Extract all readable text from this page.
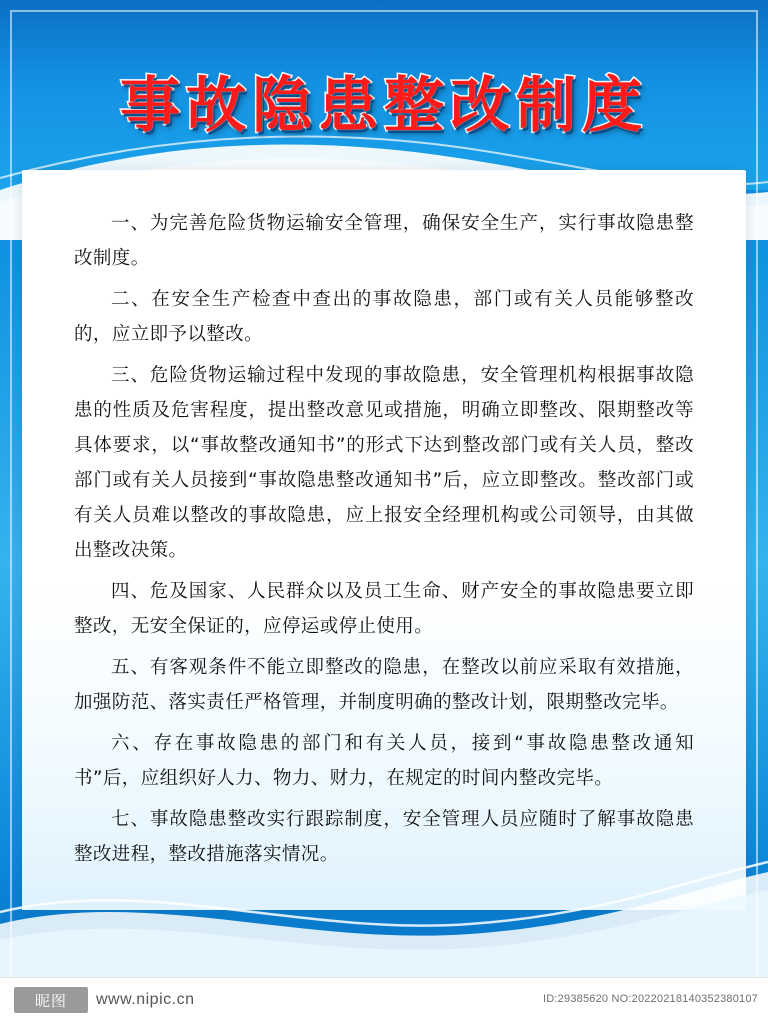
事故隐患整改制度

一、为完善危险货物运输安全管理，确保安全生产，实行事故隐患整改制度。

二、在安全生产检查中查出的事故隐患，部门或有关人员能够整改的，应立即予以整改。

三、危险货物运输过程中发现的事故隐患，安全管理机构根据事故隐患的性质及危害程度，提出整改意见或措施，明确立即整改、限期整改等具体要求，以“事故整改通知书”的形式下达到整改部门或有关人员，整改部门或有关人员接到“事故隐患整改通知书”后，应立即整改。整改部门或有关人员难以整改的事故隐患，应上报安全经理机构或公司领导，由其做出整改决策。

四、危及国家、人民群众以及员工生命、财产安全的事故隐患要立即整改，无安全保证的，应停运或停止使用。

五、有客观条件不能立即整改的隐患，在整改以前应采取有效措施，加强防范、落实责任严格管理，并制度明确的整改计划，限期整改完毕。

六、存在事故隐患的部门和有关人员，接到“事故隐患整改通知书”后，应组织好人力、物力、财力，在规定的时间内整改完毕。

七、事故隐患整改实行跟踪制度，安全管理人员应随时了解事故隐患整改进程，整改措施落实情况。

昵图	www.nipic.cn	ID:29385620 NO:20220218140352380107
